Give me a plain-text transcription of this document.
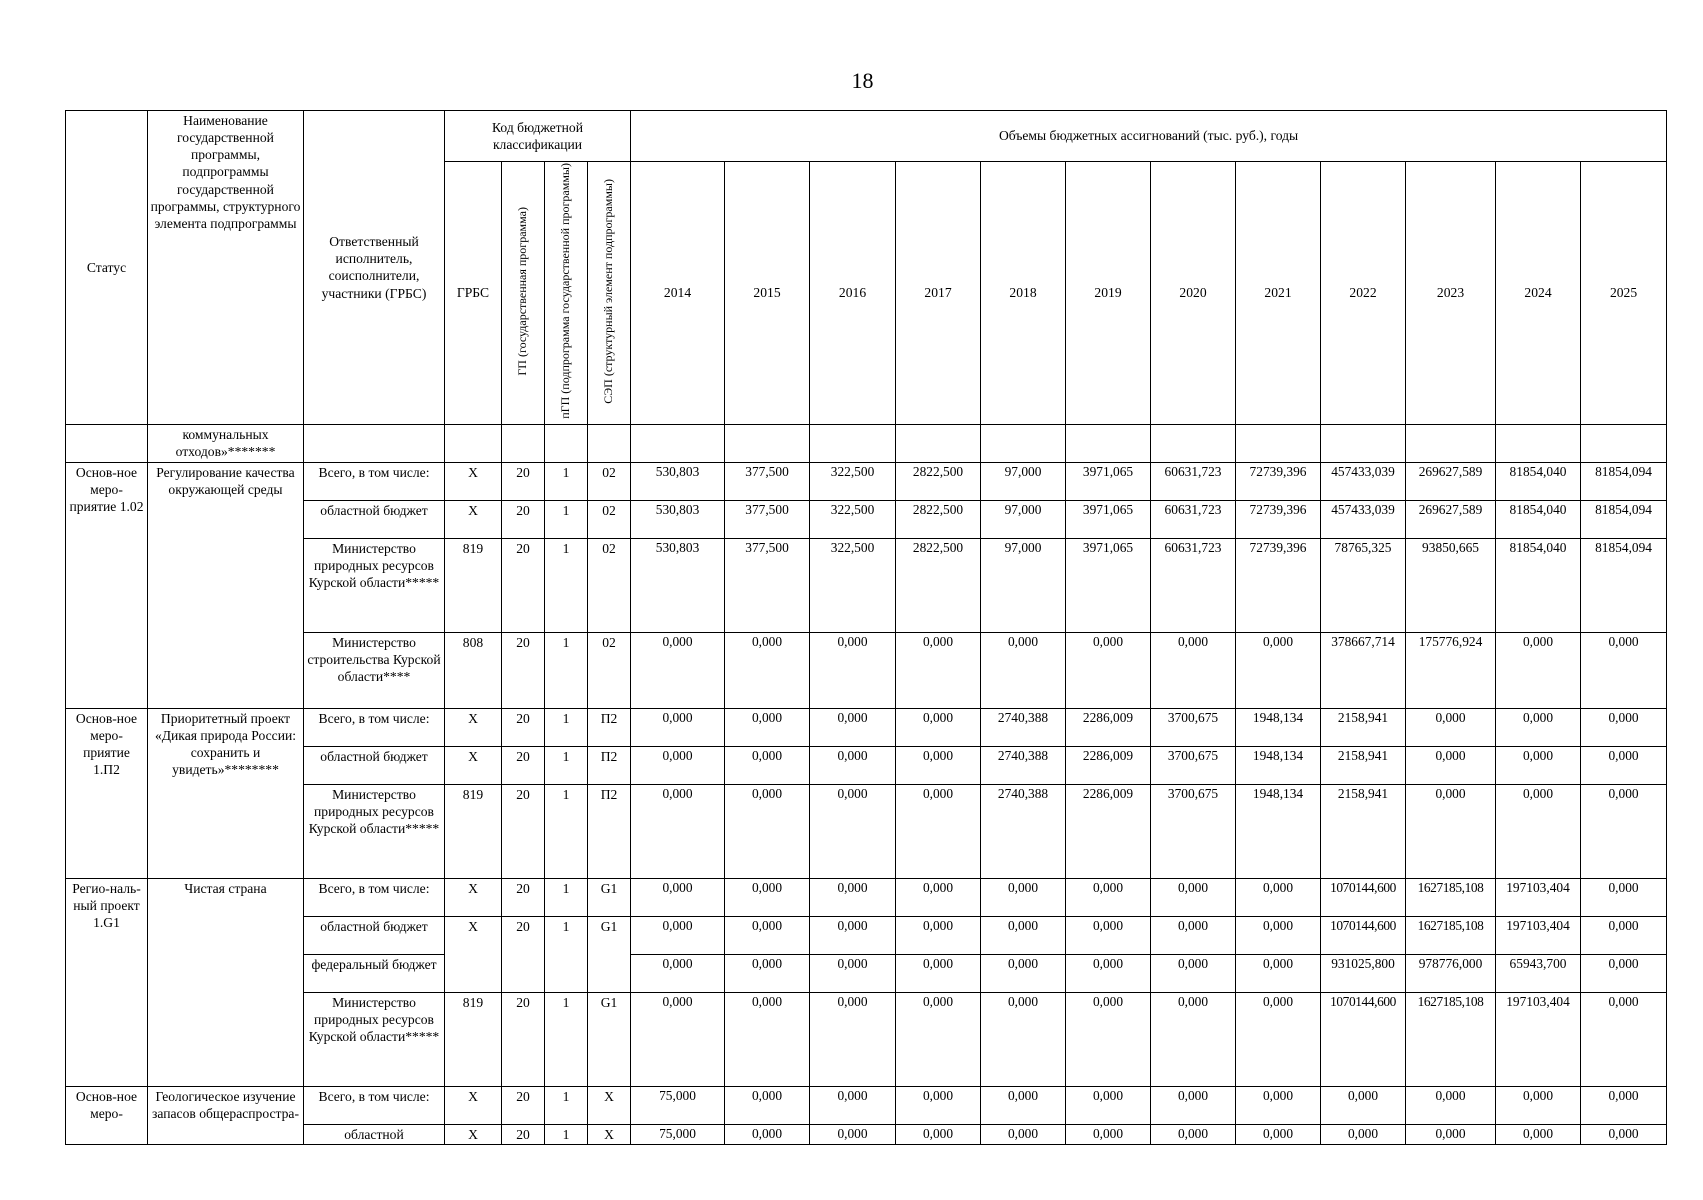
18
Статус	Наименование государственной программы, подпрограммы государственной программы, структурного элемента подпрограммы	Ответственный исполнитель, соисполнители, участники (ГРБС)	Код бюджетной классификации				Объемы бюджетных ассигнований (тыс. руб.), годы											
			ГРБС	ГП (государственная программа)	пГП (подпрограмма государственной программы)	СЭП (структурный элемент подпрограммы)	2014	2015	2016	2017	2018	2019	2020	2021	2022	2023	2024	2025
	коммунальных отходов»*******																	
Основ-ное меро-приятие 1.02	Регулирование качества окружающей среды	Всего, в том числе:	Х	20	1	02	530,803	377,500	322,500	2822,500	97,000	3971,065	60631,723	72739,396	457433,039	269627,589	81854,040	81854,094
		областной бюджет	Х	20	1	02	530,803	377,500	322,500	2822,500	97,000	3971,065	60631,723	72739,396	457433,039	269627,589	81854,040	81854,094
		Министерство природных ресурсов Курской области*****	819	20	1	02	530,803	377,500	322,500	2822,500	97,000	3971,065	60631,723	72739,396	78765,325	93850,665	81854,040	81854,094
		Министерство строительства Курской области****	808	20	1	02	0,000	0,000	0,000	0,000	0,000	0,000	0,000	0,000	378667,714	175776,924	0,000	0,000
Основ-ное меро-приятие 1.П2	Приоритетный проект «Дикая природа России: сохранить и увидеть»********	Всего, в том числе:	Х	20	1	П2	0,000	0,000	0,000	0,000	2740,388	2286,009	3700,675	1948,134	2158,941	0,000	0,000	0,000
		областной бюджет	Х	20	1	П2	0,000	0,000	0,000	0,000	2740,388	2286,009	3700,675	1948,134	2158,941	0,000	0,000	0,000
		Министерство природных ресурсов Курской области*****	819	20	1	П2	0,000	0,000	0,000	0,000	2740,388	2286,009	3700,675	1948,134	2158,941	0,000	0,000	0,000
Регио-наль-ный проект 1.G1	Чистая страна	Всего, в том числе:	Х	20	1	G1	0,000	0,000	0,000	0,000	0,000	0,000	0,000	0,000	1070144,600	1627185,108	197103,404	0,000
		областной бюджет	Х	20	1	G1	0,000	0,000	0,000	0,000	0,000	0,000	0,000	0,000	1070144,600	1627185,108	197103,404	0,000
		федеральный бюджет					0,000	0,000	0,000	0,000	0,000	0,000	0,000	0,000	931025,800	978776,000	65943,700	0,000
		Министерство природных ресурсов Курской области*****	819	20	1	G1	0,000	0,000	0,000	0,000	0,000	0,000	0,000	0,000	1070144,600	1627185,108	197103,404	0,000
Основ-ное меро-	Геологическое изучение запасов общераспростра-	Всего, в том числе:	Х	20	1	Х	75,000	0,000	0,000	0,000	0,000	0,000	0,000	0,000	0,000	0,000	0,000	0,000
		областной	Х	20	1	Х	75,000	0,000	0,000	0,000	0,000	0,000	0,000	0,000	0,000	0,000	0,000	0,000
